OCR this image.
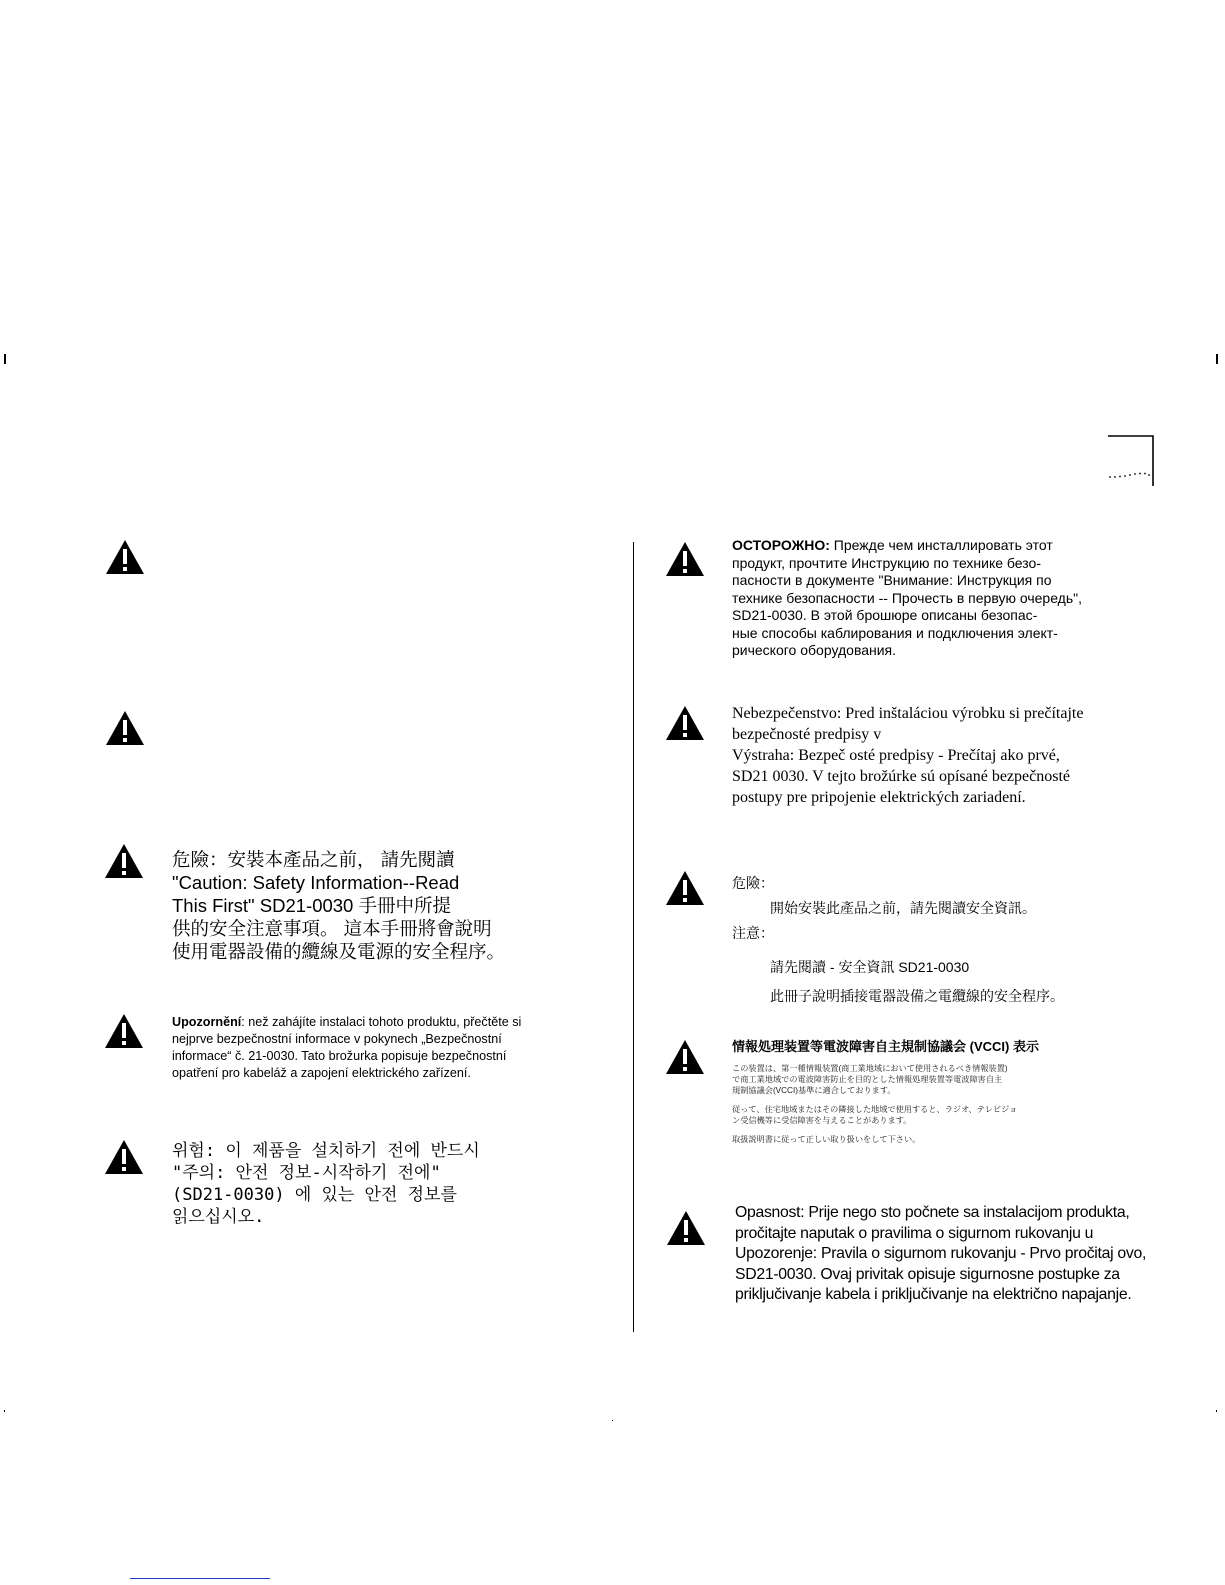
危險：安裝本產品之前， 請先閱讀
"Caution: Safety Information--Read
This First" SD21-0030 手冊中所提
供的安全注意事項。 這本手冊將會說明
使用電器設備的纜線及電源的安全程序。
Upozornění: než zahájíte instalaci tohoto produktu, přečtěte si
nejprve bezpečnostní informace v pokynech „Bezpečnostní
informace“ č. 21-0030. Tato brožurka popisuje bezpečnostní
opatření pro kabeláž a zapojení elektrického zařízení.
위험: 이 제품을 설치하기 전에 반드시
"주의: 안전 정보-시작하기 전에"
(SD21-0030) 에 있는 안전 정보를
읽으십시오.
ОСТОРОЖНО: Прежде чем инсталлировать этот
продукт, прочтите Инструкцию по технике безо-
пасности в документе "Внимание: Инструкция по
технике безопасности -- Прочесть в первую очередь",
SD21-0030. В этой брошюре описаны безопас-
ные способы каблирования и подключения элект-
рического оборудования.
Nebezpečenstvo: Pred inštaláciou výrobku si prečítajte
bezpečnosté predpisy v
Výstraha: Bezpeč osté predpisy - Prečítaj ako prvé,
SD21 0030. V tejto brožúrke sú opísané bezpečnosté
postupy pre pripojenie elektrických zariadení.
危險：
開始安裝此產品之前，請先閱讀安全資訊。
注意：
請先閱讀 - 安全資訊 SD21-0030
此冊子說明插接電器設備之電纜線的安全程序。
情報処理装置等電波障害自主規制協議会 (VCCI) 表示
この装置は、第一種情報装置(商工業地域において使用されるべき情報装置)
で商工業地域での電波障害防止を目的とした情報処理装置等電波障害自主
規制協議会(VCCI)基準に適合しております。
従って、住宅地域またはその隣接した地域で使用すると、ラジオ、テレビジョ
ン受信機等に受信障害を与えることがあります。
取扱説明書に従って正しい取り扱いをして下さい。
Opasnost: Prije nego sto počnete sa instalacijom produkta,
pročitajte naputak o pravilima o sigurnom rukovanju u
Upozorenje: Pravila o sigurnom rukovanju - Prvo pročitaj ovo,
SD21-0030. Ovaj privitak opisuje sigurnosne postupke za
priključivanje kabela i priključivanje na električno napajanje.
